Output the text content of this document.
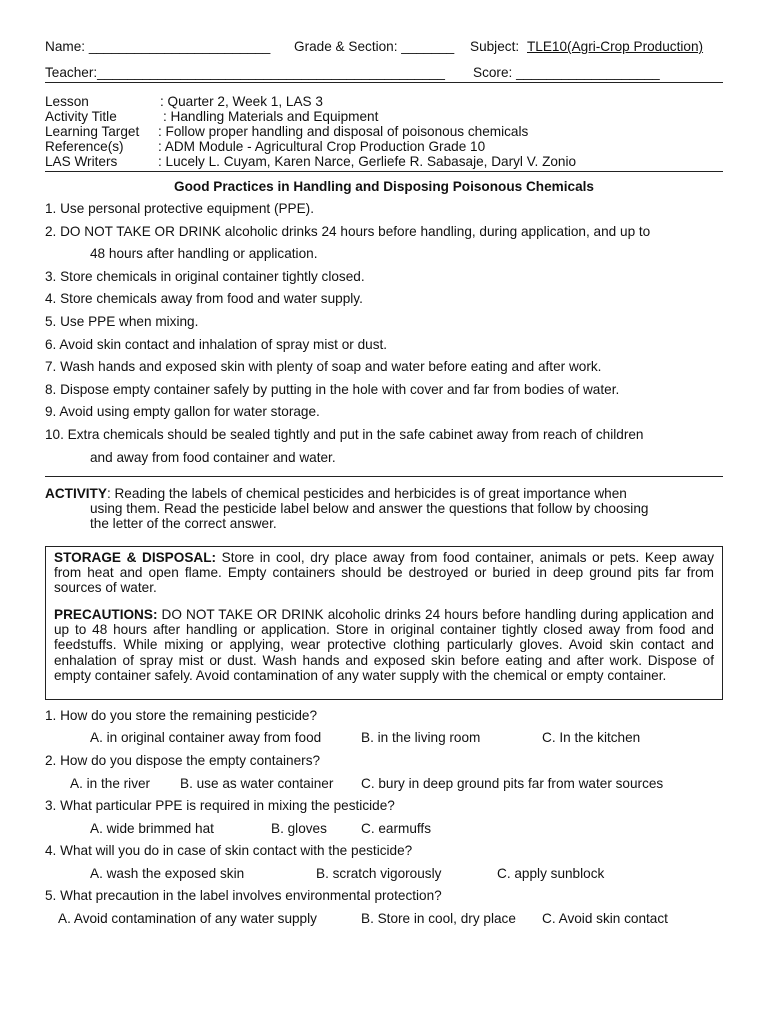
Name: ________________________ Grade & Section: _______ Subject: TLE10(Agri-Crop Production)
Teacher:______________________________________________ Score: ___________________
Lesson	: Quarter 2, Week 1, LAS 3
Activity Title	: Handling Materials and Equipment
Learning Target : Follow proper handling and disposal of poisonous chemicals
Reference(s)	: ADM Module - Agricultural Crop Production Grade 10
LAS Writers	: Lucely L. Cuyam, Karen Narce, Gerliefe R. Sabasaje, Daryl V. Zonio
Good Practices in Handling and Disposing Poisonous Chemicals
1. Use personal protective equipment (PPE).
2. DO NOT TAKE OR DRINK alcoholic drinks 24 hours before handling, during application, and up to
48 hours after handling or application.
3. Store chemicals in original container tightly closed.
4. Store chemicals away from food and water supply.
5. Use PPE when mixing.
6. Avoid skin contact and inhalation of spray mist or dust.
7. Wash hands and exposed skin with plenty of soap and water before eating and after work.
8. Dispose empty container safely by putting in the hole with cover and far from bodies of water.
9. Avoid using empty gallon for water storage.
10. Extra chemicals should be sealed tightly and put in the safe cabinet away from reach of children
and away from food container and water.
ACTIVITY: Reading the labels of chemical pesticides and herbicides is of great importance when
using them. Read the pesticide label below and answer the questions that follow by choosing
the letter of the correct answer.
STORAGE & DISPOSAL: Store in cool, dry place away from food container, animals or pets. Keep away from heat and open flame. Empty containers should be destroyed or buried in deep ground pits far from sources of water.
PRECAUTIONS: DO NOT TAKE OR DRINK alcoholic drinks 24 hours before handling during application and up to 48 hours after handling or application. Store in original container tightly closed away from food and feedstuffs. While mixing or applying, wear protective clothing particularly gloves. Avoid skin contact and enhalation of spray mist or dust. Wash hands and exposed skin before eating and after work. Dispose of empty container safely. Avoid contamination of any water supply with the chemical or empty container.
1. How do you store the remaining pesticide?
A. in original container away from food	B. in the living room	C. In the kitchen
2. How do you dispose the empty containers?
A. in the river B. use as water container C. bury in deep ground pits far from water sources
3. What particular PPE is required in mixing the pesticide?
A. wide brimmed hat	B. gloves	C. earmuffs
4. What will you do in case of skin contact with the pesticide?
A. wash the exposed skin	B. scratch vigorously	C. apply sunblock
5. What precaution in the label involves environmental protection?
A. Avoid contamination of any water supply	B. Store in cool, dry place C. Avoid skin contact
